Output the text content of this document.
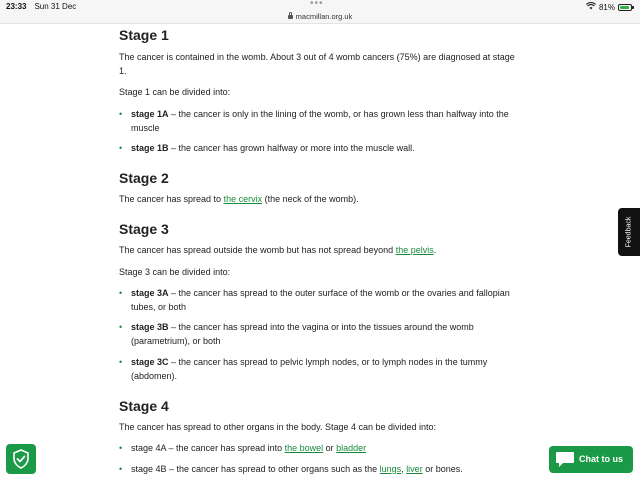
23:33 Sun 31 Dec	•••
macmillan.org.uk
81%
Stage 1

The cancer is contained in the womb. About 3 out of 4 womb cancers (75%) are diagnosed at stage 1.

Stage 1 can be divided into:

• stage 1A – the cancer is only in the lining of the womb, or has grown less than halfway into the muscle
• stage 1B – the cancer has grown halfway or more into the muscle wall.
Stage 2

The cancer has spread to the cervix (the neck of the womb).

Stage 3

The cancer has spread outside the womb but has not spread beyond the pelvis.

Stage 3 can be divided into:

• stage 3A – the cancer has spread to the outer surface of the womb or the ovaries and fallopian tubes, or both
• stage 3B – the cancer has spread into the vagina or into the tissues around the womb (parametrium), or both
• stage 3C – the cancer has spread to pelvic lymph nodes, or to lymph nodes in the tummy (abdomen).
Stage 4

The cancer has spread to other organs in the body. Stage 4 can be divided into:

• stage 4A – the cancer has spread into the bowel or bladder
• stage 4B – the cancer has spread to other organs such as the lungs, liver or bones.
Feedback
Chat to us
